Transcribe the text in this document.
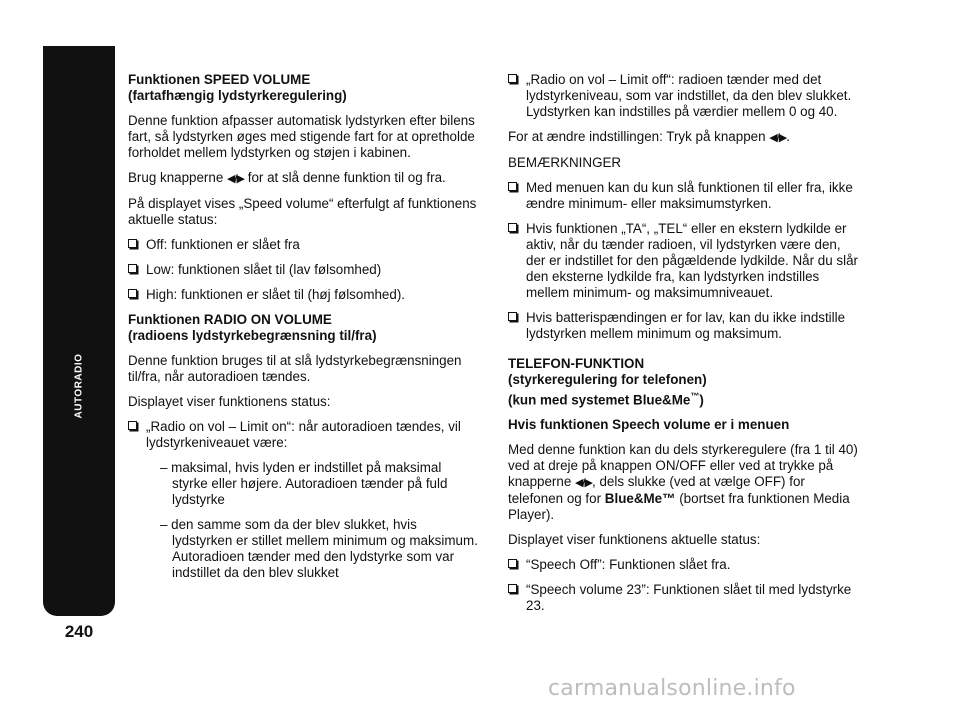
AUTORADIO
240
Funktionen SPEED VOLUME
(fartafhængig lydstyrkeregulering)

Denne funktion afpasser automatisk lydstyrken efter bilens fart, så lydstyrken øges med stigende fart for at opretholde forholdet mellem lydstyrken og støjen i kabinen.

Brug knapperne ◀/▶ for at slå denne funktion til og fra.

På displayet vises „Speed volume“ efterfulgt af funktionens aktuelle status:

Off: funktionen er slået fra
Low: funktionen slået til (lav følsomhed)
High: funktionen er slået til (høj følsomhed).
Funktionen RADIO ON VOLUME
(radioens lydstyrkebegrænsning til/fra)

Denne funktion bruges til at slå lydstyrkebegrænsningen til/fra, når autoradioen tændes.

Displayet viser funktionens status:

„Radio on vol – Limit on“: når autoradioen tændes, vil lydstyrkeniveauet være:
– maksimal, hvis lyden er indstillet på maksimal styrke eller højere. Autoradioen tænder på fuld lydstyrke
– den samme som da der blev slukket, hvis lydstyrken er stillet mellem minimum og maksimum. Autoradioen tænder med den lydstyrke som var indstillet da den blev slukket
„Radio on vol – Limit off“: radioen tænder med det lydstyrkeniveau, som var indstillet, da den blev slukket. Lydstyrken kan indstilles på værdier mellem 0 og 40.

For at ændre indstillingen: Tryk på knappen ◀/▶.

BEMÆRKNINGER

Med menuen kan du kun slå funktionen til eller fra, ikke ændre minimum- eller maksimumstyrken.
Hvis funktionen „TA“, „TEL“ eller en ekstern lydkilde er aktiv, når du tænder radioen, vil lydstyrken være den, der er indstillet for den pågældende lydkilde. Når du slår den eksterne lydkilde fra, kan lydstyrken indstilles mellem minimum- og maksimumniveauet.
Hvis batterispændingen er for lav, kan du ikke indstille lydstyrken mellem minimum og maksimum.
TELEFON-FUNKTION
(styrkeregulering for telefonen)
(kun med systemet Blue&Me™)
Hvis funktionen Speech volume er i menuen

Med denne funktion kan du dels styrkeregulere (fra 1 til 40) ved at dreje på knappen ON/OFF eller ved at trykke på knapperne ◀/▶, dels slukke (ved at vælge OFF) for telefonen og for Blue&Me™ (bortset fra funktionen Media Player).

Displayet viser funktionens aktuelle status:

“Speech Off”: Funktionen slået fra.
“Speech volume 23”: Funktionen slået til med lydstyrke 23.
carmanualsonline.info
